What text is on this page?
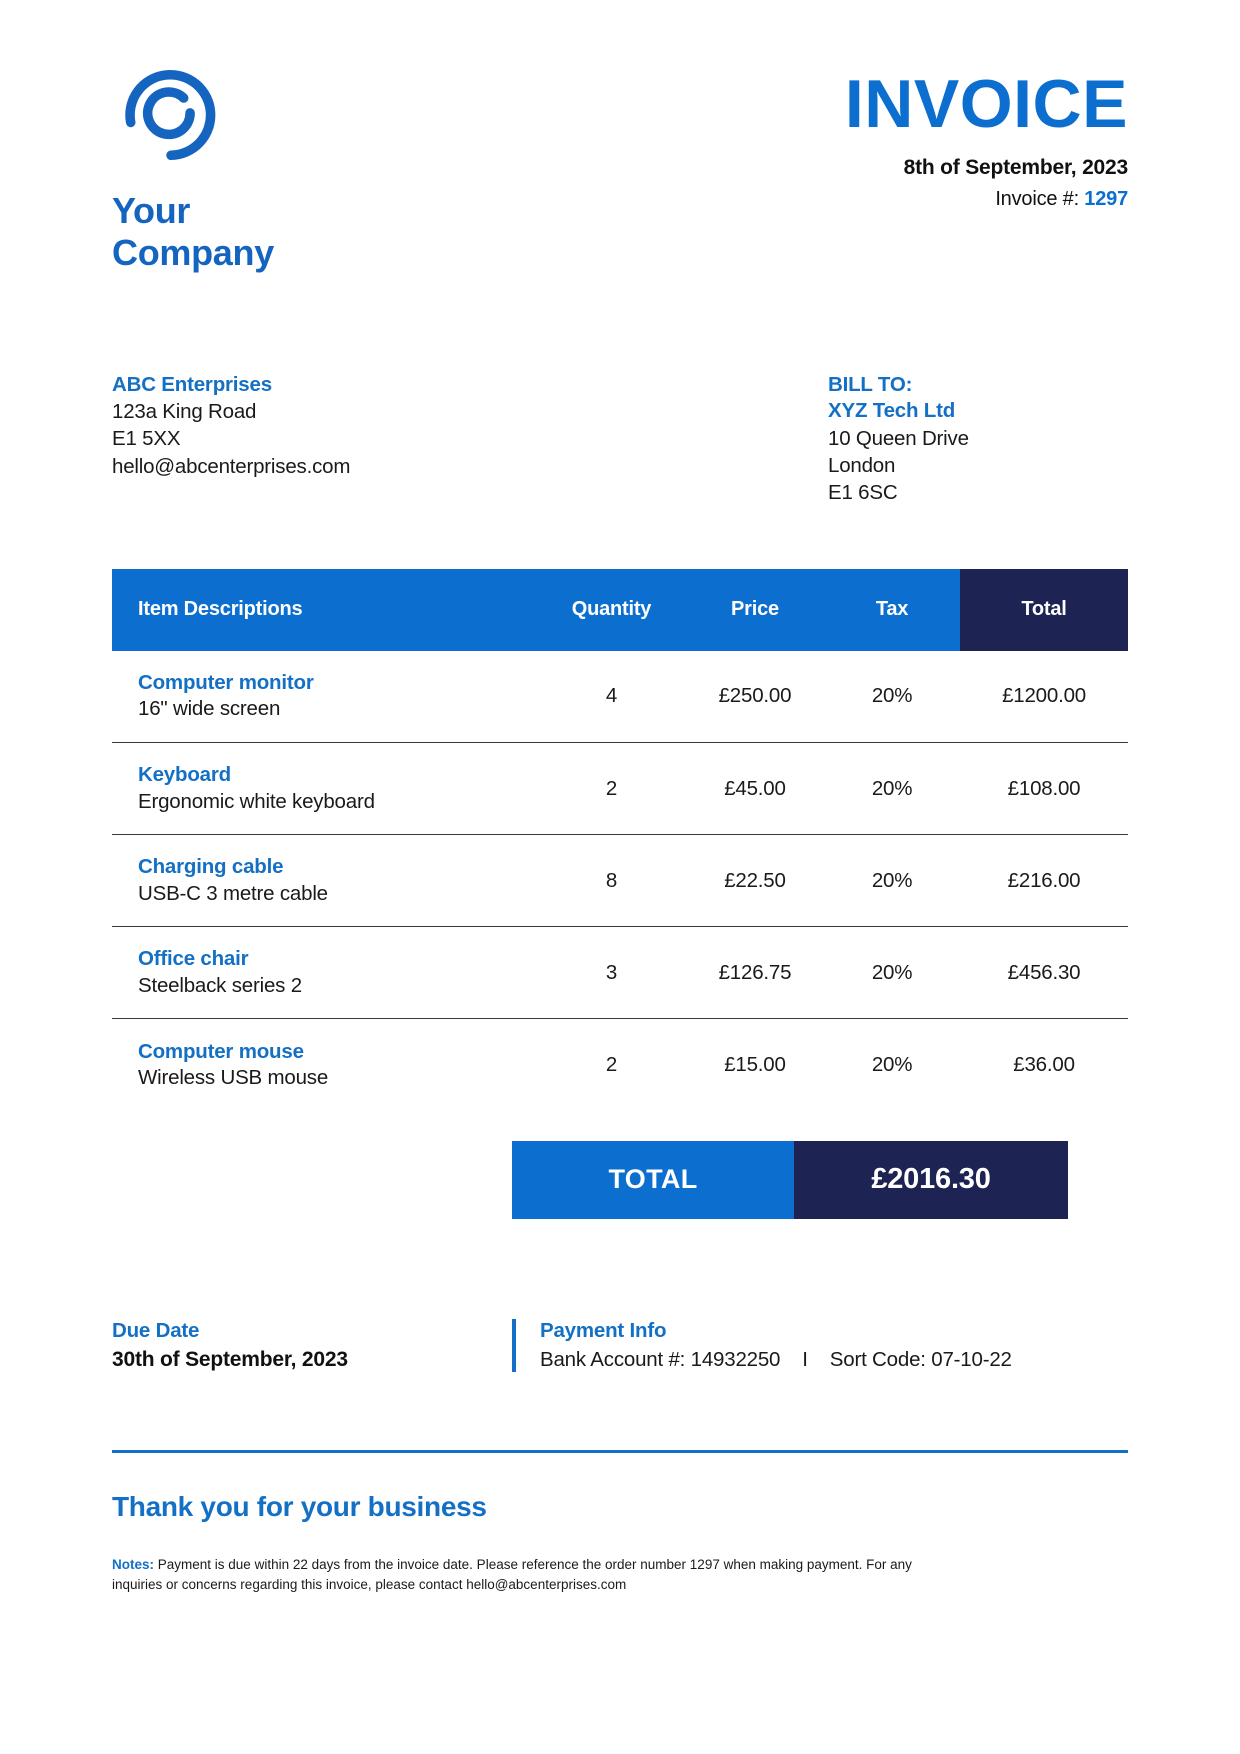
Your
Company
INVOICE
8th of September, 2023
Invoice #: 1297
ABC Enterprises
123a King Road
E1 5XX
hello@abcenterprises.com
BILL TO:
XYZ Tech Ltd
10 Queen Drive
London
E1 6SC
Item Descriptions	Quantity	Price	Tax	Total

Computer monitor
16" wide screen	4	£250.00	20%	£1200.00

Keyboard
Ergonomic white keyboard	2	£45.00	20%	£108.00

Charging cable
USB-C 3 metre cable	8	£22.50	20%	£216.00

Office chair
Steelback series 2	3	£126.75	20%	£456.30

Computer mouse
Wireless USB mouse	2	£15.00	20%	£36.00
TOTAL	£2016.30
Due Date
30th of September, 2023
Payment Info
Bank Account #: 14932250 I Sort Code: 07-10-22
Thank you for your business
Notes: Payment is due within 22 days from the invoice date. Please reference the order number 1297 when making payment. For any inquiries or concerns regarding this invoice, please contact hello@abcenterprises.com
